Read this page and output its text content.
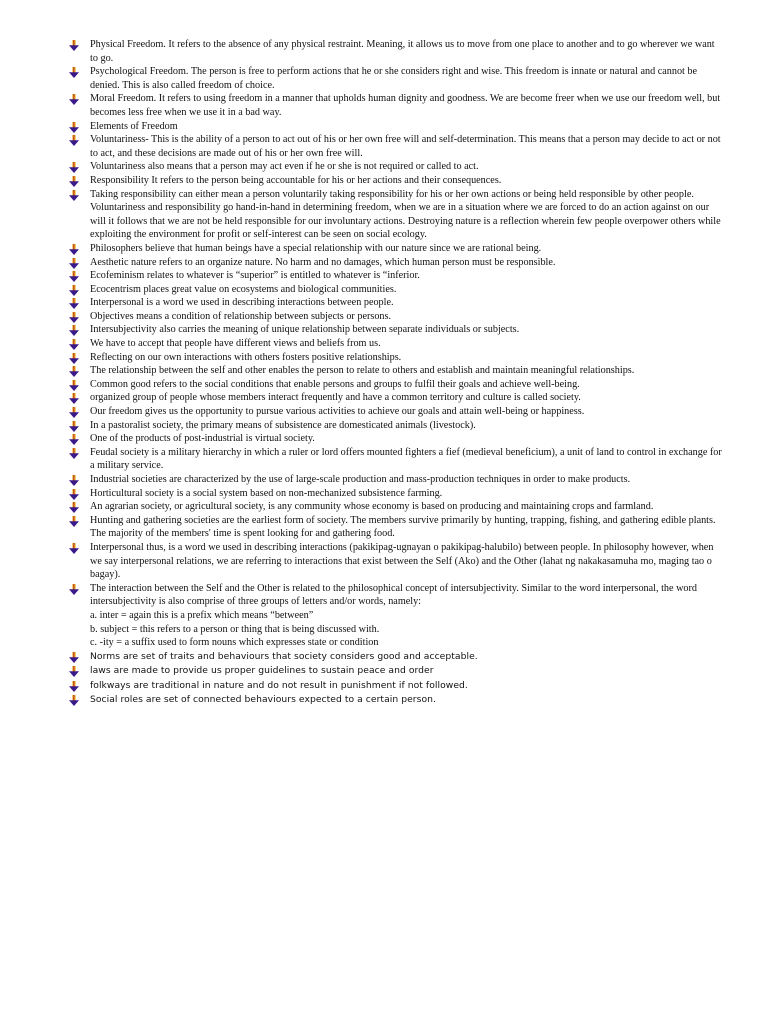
Physical Freedom. It refers to the absence of any physical restraint. Meaning, it allows us to move from one place to another and to go wherever we want to go.
Psychological Freedom. The person is free to perform actions that he or she considers right and wise. This freedom is innate or natural and cannot be denied. This is also called freedom of choice.
Moral Freedom. It refers to using freedom in a manner that upholds human dignity and goodness. We are become freer when we use our freedom well, but becomes less free when we use it in a bad way.
Elements of Freedom
Voluntariness- This is the ability of a person to act out of his or her own free will and self-determination. This means that a person may decide to act or not to act, and these decisions are made out of his or her own free will.
Voluntariness also means that a person may act even if he or she is not required or called to act.
Responsibility It refers to the person being accountable for his or her actions and their consequences.
Taking responsibility can either mean a person voluntarily taking responsibility for his or her own actions or being held responsible by other people. Voluntariness and responsibility go hand-in-hand in determining freedom, when we are in a situation where we are forced to do an action against on our will it follows that we are not be held responsible for our involuntary actions. Destroying nature is a reflection wherein few people overpower others while exploiting the environment for profit or self-interest can be seen on social ecology.
Philosophers believe that human beings have a special relationship with our nature since we are rational being.
Aesthetic nature refers to an organize nature. No harm and no damages, which human person must be responsible.
Ecofeminism relates to whatever is “superior” is entitled to whatever is “inferior.
Ecocentrism places great value on ecosystems and biological communities.
Interpersonal is a word we used in describing interactions between people.
Objectives means a condition of relationship between subjects or persons.
Intersubjectivity also carries the meaning of unique relationship between separate individuals or subjects.
We have to accept that people have different views and beliefs from us.
Reflecting on our own interactions with others fosters positive relationships.
The relationship between the self and other enables the person to relate to others and establish and maintain meaningful relationships.
Common good refers to the social conditions that enable persons and groups to fulfil their goals and achieve well-being.
organized group of people whose members interact frequently and have a common territory and culture is called society.
Our freedom gives us the opportunity to pursue various activities to achieve our goals and attain well-being or happiness.
In a pastoralist society, the primary means of subsistence are domesticated animals (livestock).
One of the products of post-industrial is virtual society.
Feudal society is a military hierarchy in which a ruler or lord offers mounted fighters a fief (medieval beneficium), a unit of land to control in exchange for a military service.
Industrial societies are characterized by the use of large-scale production and mass-production techniques in order to make products.
Horticultural society is a social system based on non-mechanized subsistence farming.
An agrarian society, or agricultural society, is any community whose economy is based on producing and maintaining crops and farmland.
Hunting and gathering societies are the earliest form of society. The members survive primarily by hunting, trapping, fishing, and gathering edible plants. The majority of the members' time is spent looking for and gathering food.
Interpersonal thus, is a word we used in describing interactions (pakikipag-ugnayan o pakikipag-halubilo) between people. In philosophy however, when we say interpersonal relations, we are referring to interactions that exist between the Self (Ako) and the Other (lahat ng nakakasamuha mo, maging tao o bagay).
The interaction between the Self and the Other is related to the philosophical concept of intersubjectivity. Similar to the word interpersonal, the word intersubjectivity is also comprise of three groups of letters and/or words, namely:
a. inter = again this is a prefix which means “between”
b. subject = this refers to a person or thing that is being discussed with.
c. -ity = a suffix used to form nouns which expresses state or condition
Norms are set of traits and behaviours that society considers good and acceptable.
laws are made to provide us proper guidelines to sustain peace and order
folkways are traditional in nature and do not result in punishment if not followed.
Social roles are set of connected behaviours expected to a certain person.
